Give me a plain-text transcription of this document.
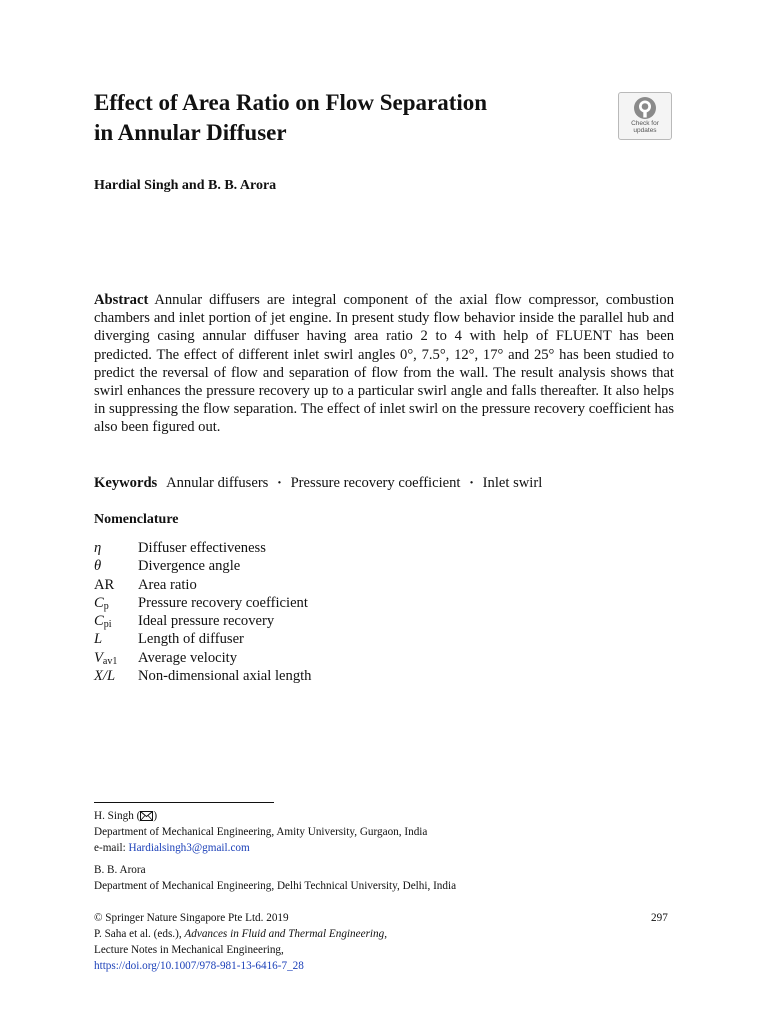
Effect of Area Ratio on Flow Separation
in Annular Diffuser	Check for
updates
Hardial Singh and B. B. Arora

Abstract Annular diffusers are integral component of the axial flow compressor, combustion chambers and inlet portion of jet engine. In present study flow behavior inside the parallel hub and diverging casing annular diffuser having area ratio 2 to 4 with help of FLUENT has been predicted. The effect of different inlet swirl angles 0°, 7.5°, 12°, 17° and 25° has been studied to predict the reversal of flow and separation of flow from the wall. The result analysis shows that swirl enhances the pressure recovery up to a particular swirl angle and falls thereafter. It also helps in suppressing the flow separation. The effect of inlet swirl on the pressure recovery coefficient has also been figured out.

Keywords Annular diffusers · Pressure recovery coefficient · Inlet swirl
Nomenclature
η	Diffuser effectiveness
θ	Divergence angle
AR Area ratio
$C_p$ Pressure recovery coefficient
$C_{pi}$ Ideal pressure recovery
L Length of diffuser
$V_{av1}$ Average velocity
X/L Non-dimensional axial length
H. Singh ( )
Department of Mechanical Engineering, Amity University, Gurgaon, India
e-mail: Hardialsingh3@gmail.com
B. B. Arora
Department of Mechanical Engineering, Delhi Technical University, Delhi, India
© Springer Nature Singapore Pte Ltd. 2019
P. Saha et al. (eds.), Advances in Fluid and Thermal Engineering,
Lecture Notes in Mechanical Engineering,
https://doi.org/10.1007/978-981-13-6416-7_28
297
